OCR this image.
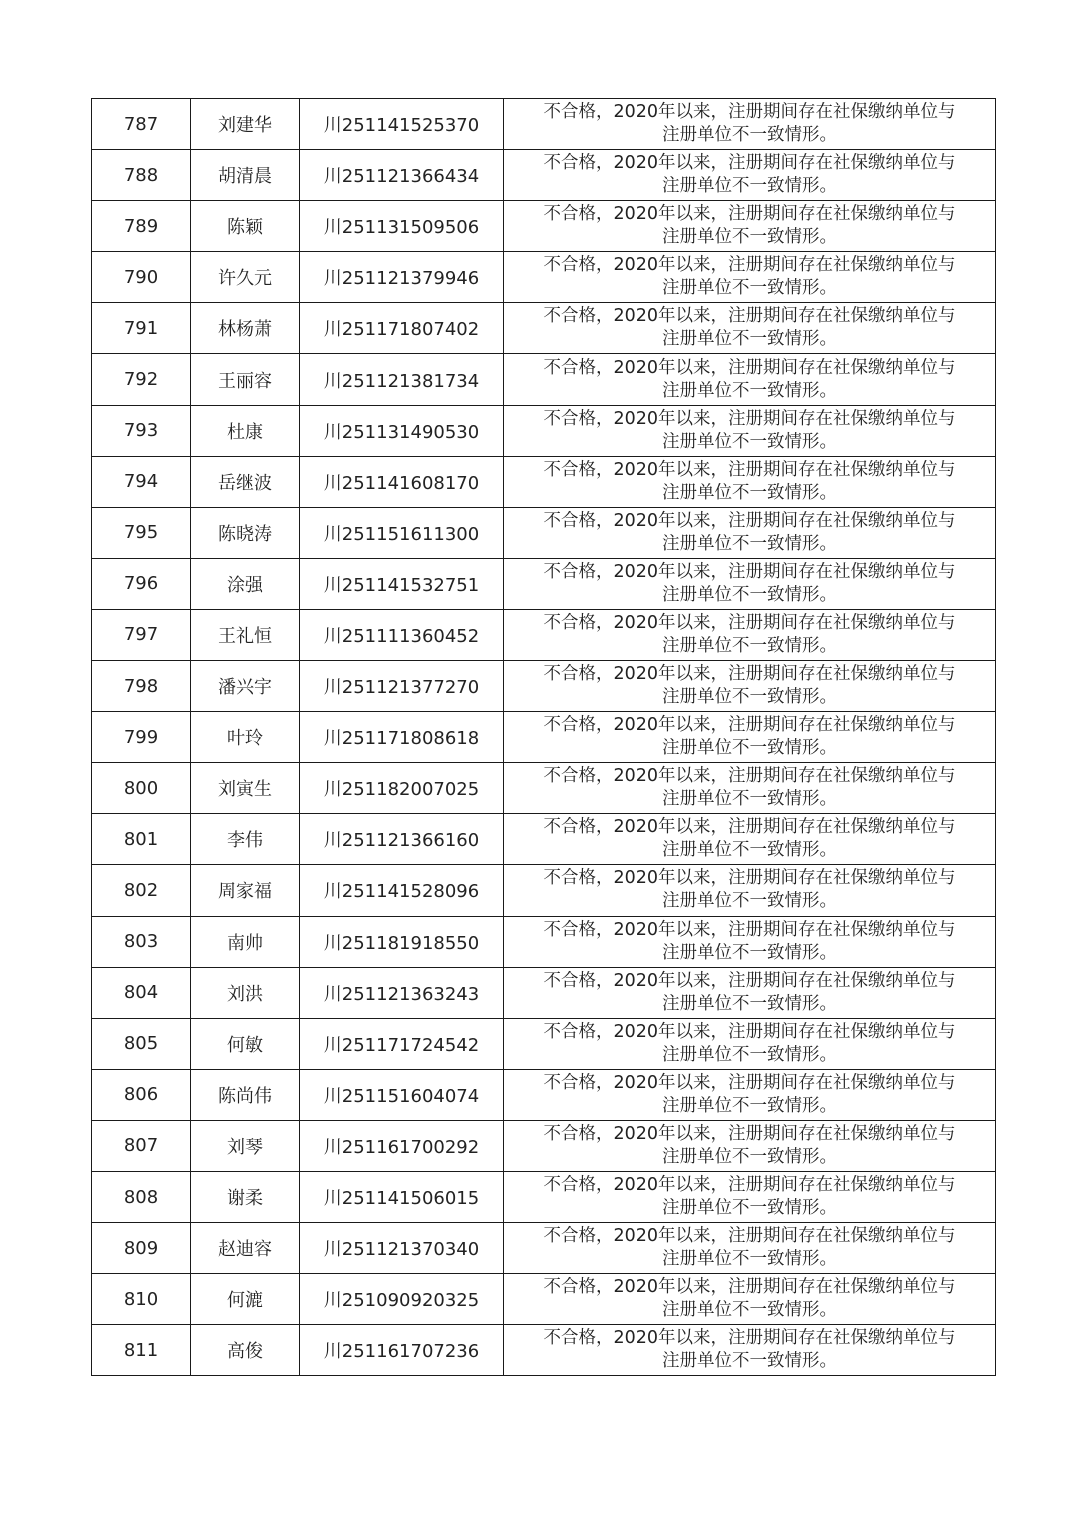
787	刘建华	川251141525370	不合格，2020年以来，注册期间存在社保缴纳单位与
注册单位不一致情形。

788	胡清晨	川251121366434	不合格，2020年以来，注册期间存在社保缴纳单位与
注册单位不一致情形。

789	陈颖	川251131509506	不合格，2020年以来，注册期间存在社保缴纳单位与
注册单位不一致情形。

790	许久元	川251121379946	不合格，2020年以来，注册期间存在社保缴纳单位与
注册单位不一致情形。

791	林杨萧	川251171807402	不合格，2020年以来，注册期间存在社保缴纳单位与
注册单位不一致情形。

792	王丽容	川251121381734	不合格，2020年以来，注册期间存在社保缴纳单位与
注册单位不一致情形。

793	杜康	川251131490530	不合格，2020年以来，注册期间存在社保缴纳单位与
注册单位不一致情形。

794	岳继波	川251141608170	不合格，2020年以来，注册期间存在社保缴纳单位与
注册单位不一致情形。

795	陈晓涛	川251151611300	不合格，2020年以来，注册期间存在社保缴纳单位与
注册单位不一致情形。

796	涂强	川251141532751	不合格，2020年以来，注册期间存在社保缴纳单位与
注册单位不一致情形。

797	王礼恒	川251111360452	不合格，2020年以来，注册期间存在社保缴纳单位与
注册单位不一致情形。

798	潘兴宇	川251121377270	不合格，2020年以来，注册期间存在社保缴纳单位与
注册单位不一致情形。

799	叶玲	川251171808618	不合格，2020年以来，注册期间存在社保缴纳单位与
注册单位不一致情形。

800	刘寅生	川251182007025	不合格，2020年以来，注册期间存在社保缴纳单位与
注册单位不一致情形。

801	李伟	川251121366160	不合格，2020年以来，注册期间存在社保缴纳单位与
注册单位不一致情形。

802	周家福	川251141528096	不合格，2020年以来，注册期间存在社保缴纳单位与
注册单位不一致情形。

803	南帅	川251181918550	不合格，2020年以来，注册期间存在社保缴纳单位与
注册单位不一致情形。

804	刘洪	川251121363243	不合格，2020年以来，注册期间存在社保缴纳单位与
注册单位不一致情形。

805	何敏	川251171724542	不合格，2020年以来，注册期间存在社保缴纳单位与
注册单位不一致情形。

806	陈尚伟	川251151604074	不合格，2020年以来，注册期间存在社保缴纳单位与
注册单位不一致情形。

807	刘琴	川251161700292	不合格，2020年以来，注册期间存在社保缴纳单位与
注册单位不一致情形。

808	谢柔	川251141506015	不合格，2020年以来，注册期间存在社保缴纳单位与
注册单位不一致情形。

809	赵迪容	川251121370340	不合格，2020年以来，注册期间存在社保缴纳单位与
注册单位不一致情形。

810	何漉	川251090920325	不合格，2020年以来，注册期间存在社保缴纳单位与
注册单位不一致情形。

811	高俊	川251161707236	不合格，2020年以来，注册期间存在社保缴纳单位与
注册单位不一致情形。
